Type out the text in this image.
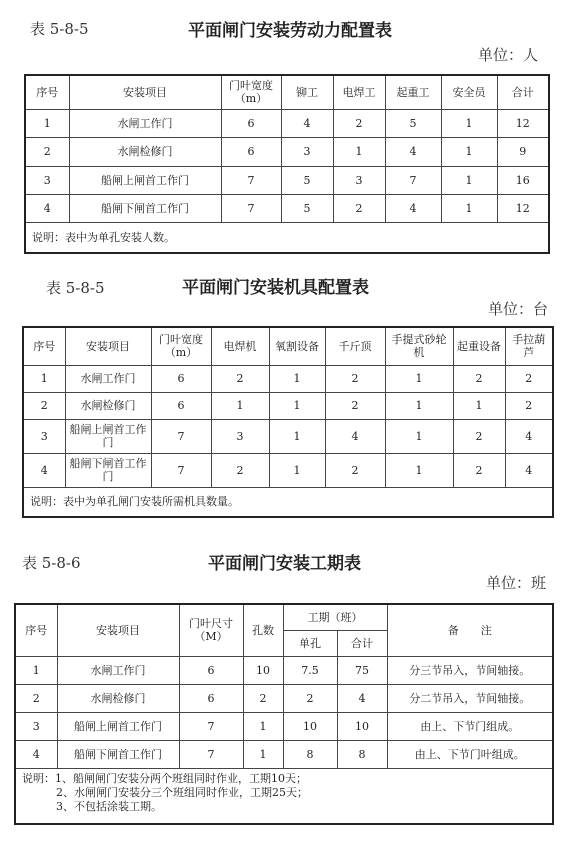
表 5-8-5	平面闸门安装劳动力配置表
单位：人
序号	安装项目	门叶宽度（m）	铆工	电焊工	起重工	安全员	合计
1	水闸工作门	6	4	2	5	1	12
2	水闸检修门	6	3	1	4	1	9
3	船闸上闸首工作门	7	5	3	7	1	16
4	船闸下闸首工作门	7	5	2	4	1	12
说明：表中为单孔安装人数。							
表 5-8-5	平面闸门安装机具配置表
单位：台
序号	安装项目	门叶宽度（m）	电焊机	氧割设备	千斤顶	手提式砂轮机	起重设备	手拉葫芦
1	水闸工作门	6	2	1	2	1	2	2
2	水闸检修门	6	1	1	2	1	1	2
3	船闸上闸首工作门	7	3	1	4	1	2	4
4	船闸下闸首工作门	7	2	1	2	1	2	4
说明：表中为单孔闸门安装所需机具数量。								
表 5-8-6	平面闸门安装工期表
单位：班
序号	安装项目	门叶尺寸（M）	孔数	工期（班）		备　　注
				单孔	合计	
1	水闸工作门	6	10	7.5	75	分三节吊入，节间轴接。
2	水闸检修门	6	2	2	4	分二节吊入，节间轴接。
3	船闸上闸首工作门	7	1	10	10	由上、下节门组成。
4	船闸下闸首工作门	7	1	8	8	由上、下节门叶组成。

说明：1、船闸闸门安装分两个班组同时作业，工期10天；
2、水闸闸门安装分三个班组同时作业，工期25天；
3、不包括涂装工期。						
